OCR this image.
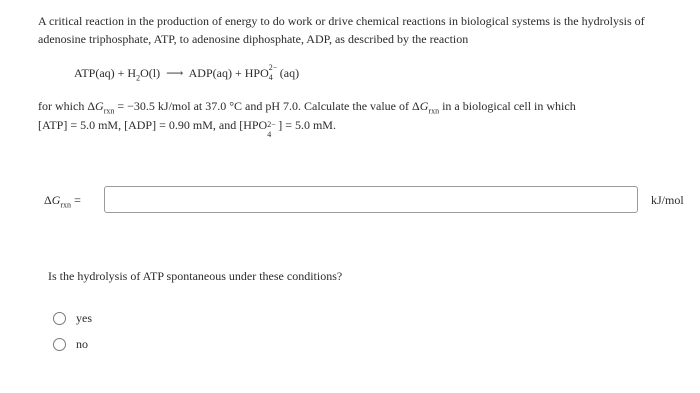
A critical reaction in the production of energy to do work or drive chemical reactions in biological systems is the hydrolysis of adenosine triphosphate, ATP, to adenosine diphosphate, ADP, as described by the reaction
$ATP(aq) + H_2O(l)$ ⟶ ADP(aq) + HPO 2−
4 (aq)
for which $\Delta G_{rxn} = -30.5$ kJ/mol at 37.0 °C and pH 7.0. Calculate the value of $\Delta G_{rxn}$ in a biological cell in which
[ATP] = 5.0 mM, [ADP] = 0.90 mM, and [HPO 2−
4
] = 5.0 mM.
$\Delta G_{rxn}$ =	kJ/mol
Is the hydrolysis of ATP spontaneous under these conditions?
yes
no
